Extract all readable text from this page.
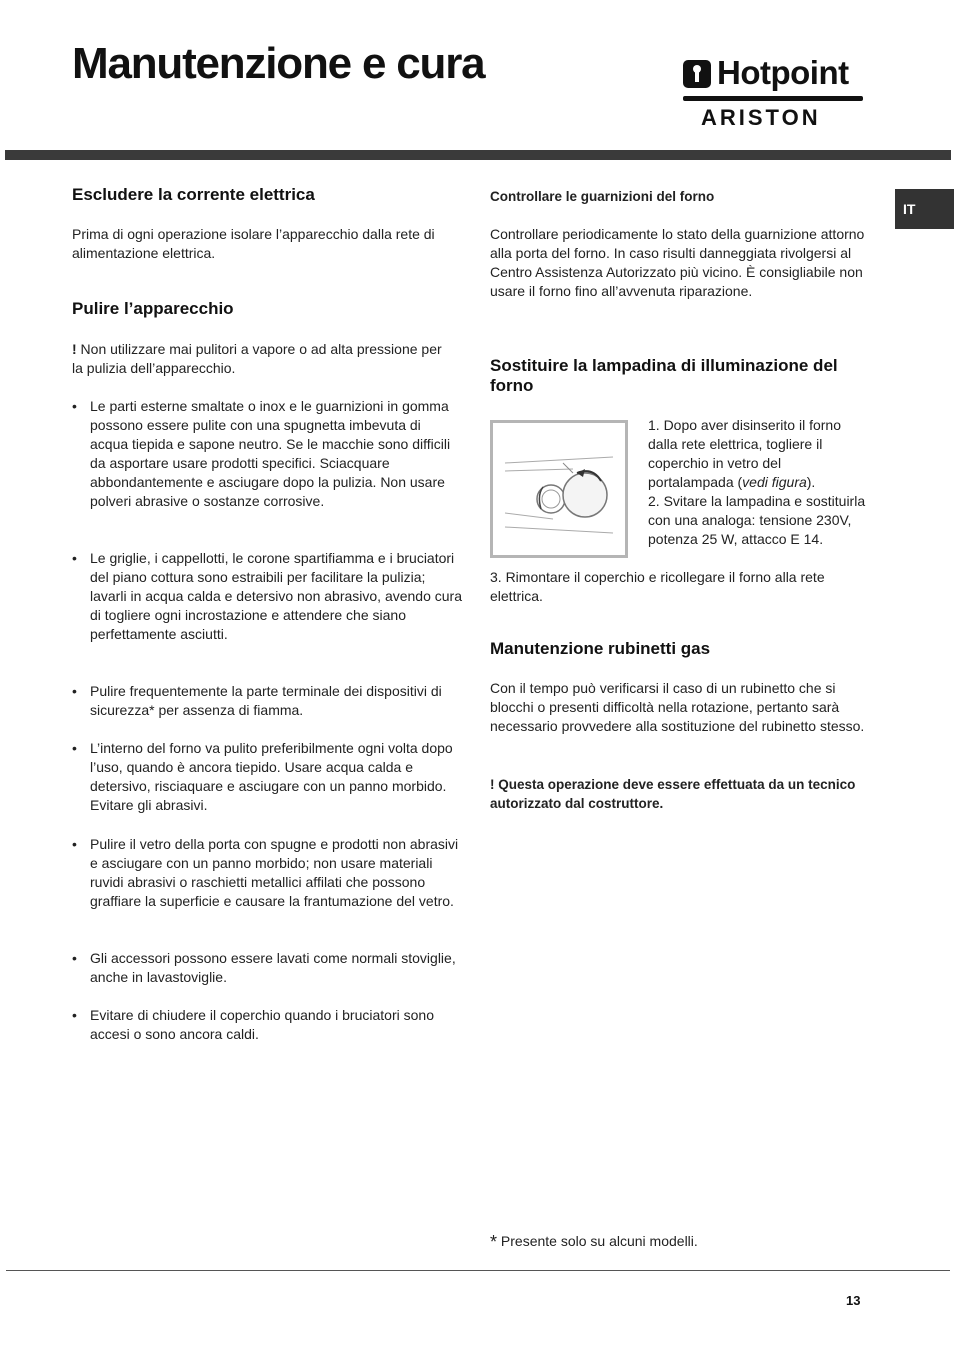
Manutenzione e cura	Hotpoint
ARISTON
IT
Escludere la corrente elettrica

Prima di ogni operazione isolare l’apparecchio dalla rete di alimentazione elettrica.

Pulire l’apparecchio

! Non utilizzare mai pulitori a vapore o ad alta pressione per la pulizia dell’apparecchio.

• Le parti esterne smaltate o inox e le guarnizioni in gomma possono essere pulite con una spugnetta imbevuta di acqua tiepida e sapone neutro. Se le macchie sono difficili da asportare usare prodotti specifici. Sciacquare abbondantemente e asciugare dopo la pulizia. Non usare polveri abrasive o sostanze corrosive.
• Le griglie, i cappellotti, le corone spartifiamma e i bruciatori del piano cottura sono estraibili per facilitare la pulizia; lavarli in acqua calda e detersivo non abrasivo, avendo cura di togliere ogni incrostazione e attendere che siano perfettamente asciutti.
• Pulire frequentemente la parte terminale dei dispositivi di sicurezza* per assenza di fiamma.
• L’interno del forno va pulito preferibilmente ogni volta dopo l’uso, quando è ancora tiepido. Usare acqua calda e detersivo, risciaquare e asciugare con un panno morbido. Evitare gli abrasivi.
• Pulire il vetro della porta con spugne e prodotti non abrasivi e asciugare con un panno morbido; non usare materiali ruvidi abrasivi o raschietti metallici affilati che possono graffiare la superficie e causare la frantumazione del vetro.
• Gli accessori possono essere lavati come normali stoviglie, anche in lavastoviglie.
• Evitare di chiudere il coperchio quando i bruciatori sono accesi o sono ancora caldi.

Controllare le guarnizioni del forno

Controllare periodicamente lo stato della guarnizione attorno alla porta del forno. In caso risulti danneggiata rivolgersi al Centro Assistenza Autorizzato più vicino. È consigliabile non usare il forno fino all’avvenuta riparazione.

Sostituire la lampadina di illuminazione del forno

1. Dopo aver disinserito il forno dalla rete elettrica, togliere il coperchio in vetro del portalampada (vedi figura).

2. Svitare la lampadina e sostituirla con una analoga: tensione 230V, potenza 25 W, attacco E 14.

3. Rimontare il coperchio e ricollegare il forno alla rete elettrica.

Manutenzione rubinetti gas

Con il tempo può verificarsi il caso di un rubinetto che si blocchi o presenti difficoltà nella rotazione, pertanto sarà necessario provvedere alla sostituzione del rubinetto stesso.

! Questa operazione deve essere effettuata da un tecnico autorizzato dal costruttore.

* Presente solo su alcuni modelli.

13
